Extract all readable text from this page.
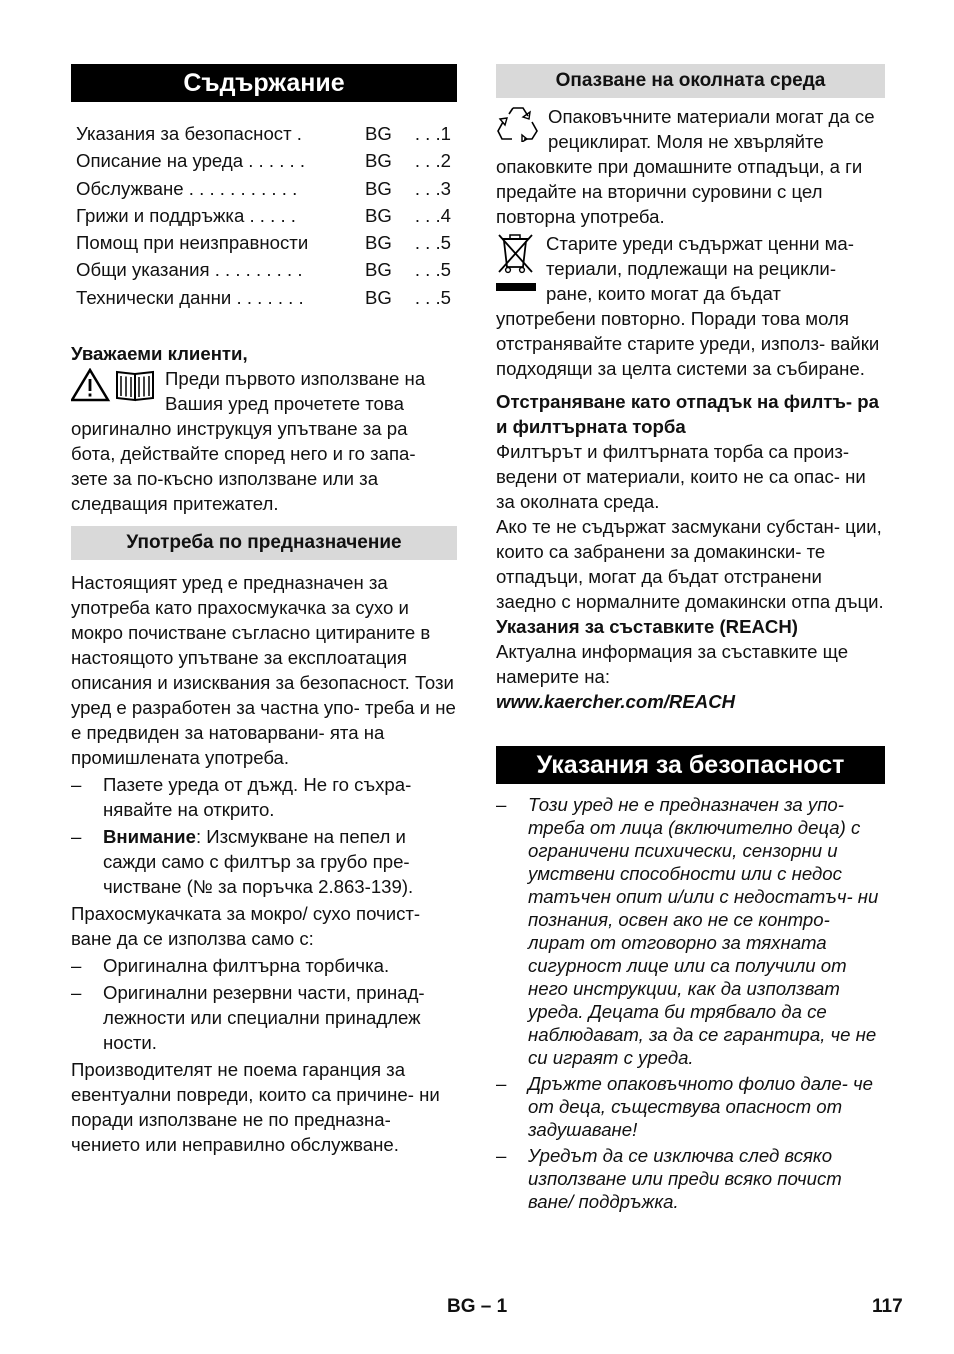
Съдържание
Указания за безопасност .	BG	. . .1
Описание на уреда . . . . . .	BG	. . .2
Обслужване . . . . . . . . . . .	BG	. . .3
Грижи и поддръжка . . . . .	BG	. . .4
Помощ при неизправности	BG	. . .5
Общи указания . . . . . . . . .	BG	. . .5
Технически данни . . . . . . .	BG	. . .5

Уважаеми клиенти,

Преди първото използване на Вашия уред прочетете това оригинално инструкцуя упътване за ра бота, действайте според него и го запа- зете за по-късно използване или за следващия притежател.

Употреба по предназначение

Настоящият уред е предназначен за употреба като прахосмукачка за сухо и мокро почистване съгласно цитираните в настоящото упътване за експлоатация описания и изисквания за безопасност. Този уред е разработен за частна упо- треба и не е предвиден за натоварвани- ята на промишлената употреба.

– Пазете уреда от дъжд. Не го съхра- нявайте на открито.
– Внимание: Изсмукване на пепел и сажди само с филтър за грубо пре- чистване (№ за поръчка 2.863-139).

Прахосмукачката за мокро/ сухо почист- ване да се използва само с:

– Оригинална филтърна торбичка.
– Оригинални резервни части, принад- лежности или специални принадлеж ности.

Производителят не поема гаранция за евентуални повреди, които са причине- ни поради използване не по предназна- чението или неправилно обслужване.

Опазване на околната среда

Опаковъчните материали могат да се рециклират. Моля не хвърляйте опаковките при домашните отпадъци, а ги предайте на вторични суровини с цел повторна употреба.

Старите уреди съдържат ценни ма- териали, подлежащи на рецикли- ране, които могат да бъдат употребени повторно. Поради това моля отстранявайте старите уреди, използ- вайки подходящи за целта системи за събиране.

Отстраняване като отпадък на филтъ- ра и филтърната торба

Филтърът и филтърната торба са произ- ведени от материали, които не са опас- ни за околната среда.

Ако те не съдържат засмукани субстан- ции, които са забранени за домакински- те отпадъци, могат да бъдат отстранени заедно с нормалните домакински отпа дъци.

Указания за съставките (REACH)

Актуална информация за съставките ще намерите на:

www.kaercher.com/REACH

Указания за безопасност
– Този уред не е предназначен за упо- треба от лица (включително деца) с ограничени психически, сензорни и умствени способности или с недос татъчен опит и/или с недостатъч- ни познания, освен ако не се контро- лират от отговорно за тяхната сигурност лице или са получили от него инструкции, как да използват уреда. Децата би трябвало да се наблюдават, за да се гарантира, че не си играят с уреда.
– Дръжте опаковъчното фолио дале- че от деца, съществува опасност от задушаване!
– Уредът да се изключва след всяко използване или преди всяко почист ване/ поддръжка.
BG – 1	117
